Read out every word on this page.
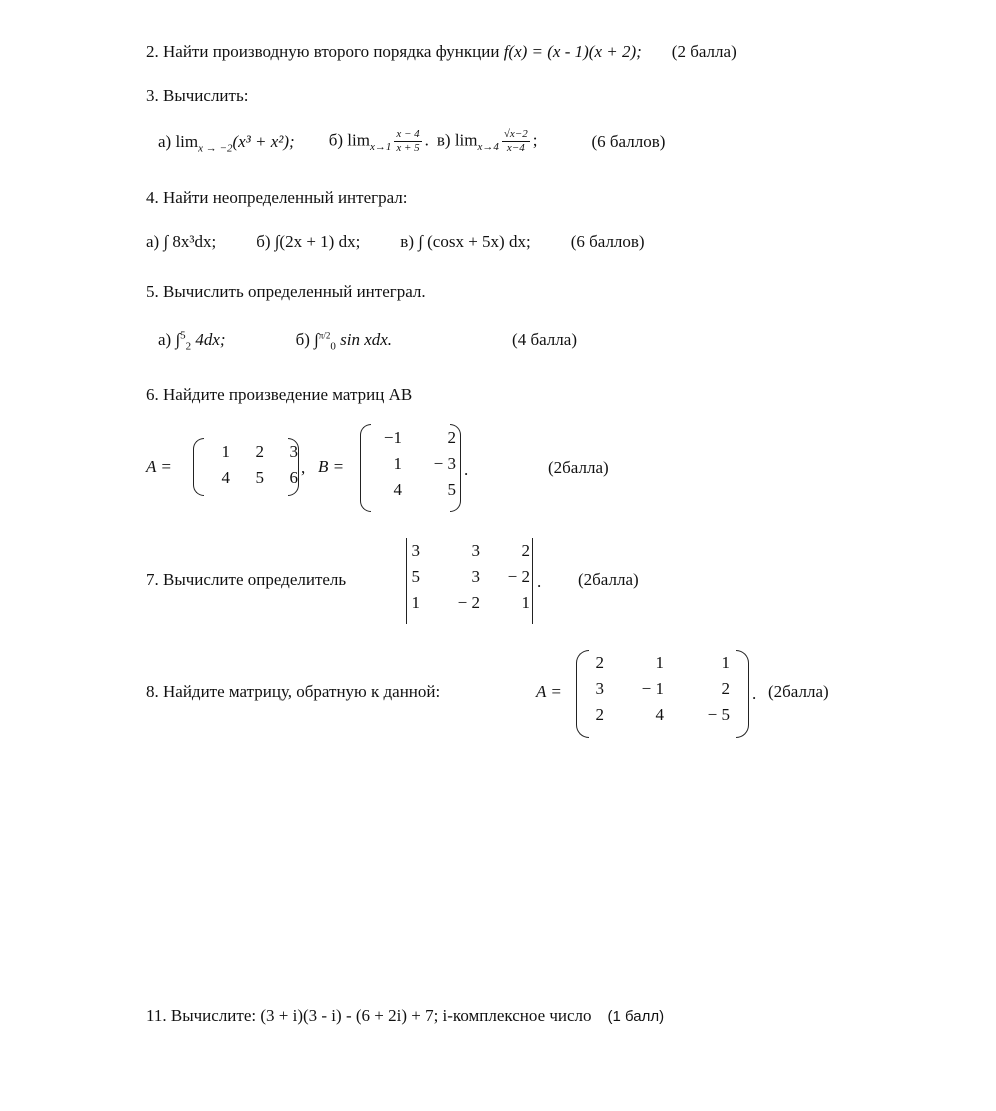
2. Найти производную второго порядка функции f(x) = (x - 1)(x + 2); (2 балла)
3. Вычислить:
а) $\lim_{x \to -2}(x^3 + x^2)$; б) $\lim_{x\to 1} \frac{x - 4}{x + 5}$ . в) $\lim_{x\to 4} \frac{√x-2}{x-4}$ ;	(6 баллов)
4. Найти неопределенный интеграл:
а) ∫ 8x³dx; б) ∫(2x + 1) dx; в) ∫ (cosx + 5x) dx; (6 баллов)
5. Вычислить определенный интеграл.
а) ∫$^5_2$ 4dx;	б) ∫$^{\pi/2}_0$ sin xdx.	(4 балла)
6. Найдите произведение матриц AB
A =
1	2	3
4	5	6
, B =
−1	2
1	− 3
4	5
.	(2балла)
7. Вычислите определитель
3	3	2
5	3	− 2
1	− 2	1
. (2балла)
8. Найдите матрицу, обратную к данной:	A =
2	1	1
3	− 1	2
2	4	− 5
. (2балла)
11. Вычислите: (3 + i)(3 - i) - (6 + 2i) + 7; i-комплексное число (1 балл)
